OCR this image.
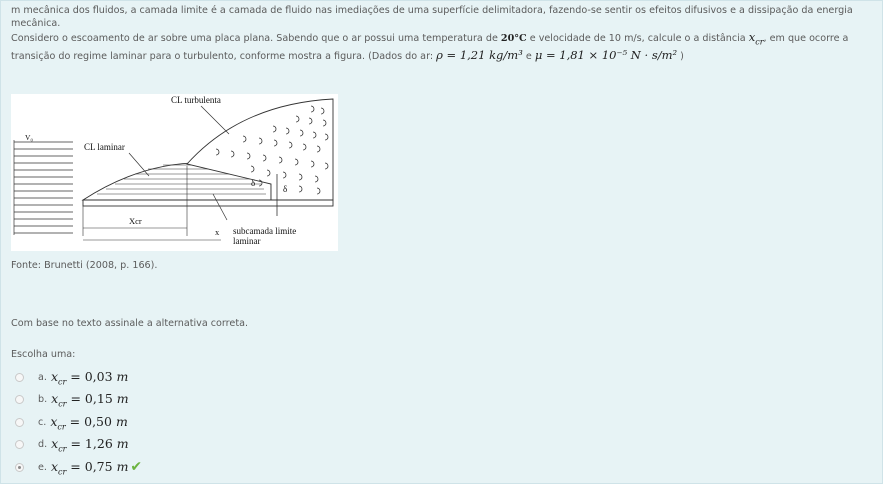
m mecânica dos fluidos, a camada limite é a camada de fluido nas imediações de uma superfície delimitadora, fazendo-se sentir os efeitos difusivos e a dissipação da energia mecânica.

Considero o escoamento de ar sobre uma placa plana. Sabendo que o ar possui uma temperatura de 20°C e velocidade de 10 m/s, calcule o a distância $x_{cr}$, em que ocorre a transição do regime laminar para o turbulento, conforme mostra a figura. (Dados do ar: ρ = 1,21 kg/m³ e μ = 1,81 × 10⁻⁵ N · s/m² )

δ
δ
CL turbulenta
CL laminar
V₀
Xcr
x subcamada limite
laminar
Fonte: Brunetti (2008, p. 166).
Com base no texto assinale a alternativa correta.
Escolha uma:
a. $x_{cr} = 0,03$ m
b. $x_{cr} = 0,15$ m
c. $x_{cr} = 0,50$ m
d. $x_{cr} = 1,26$ m
e. $x_{cr} = 0,75$ m ✔
